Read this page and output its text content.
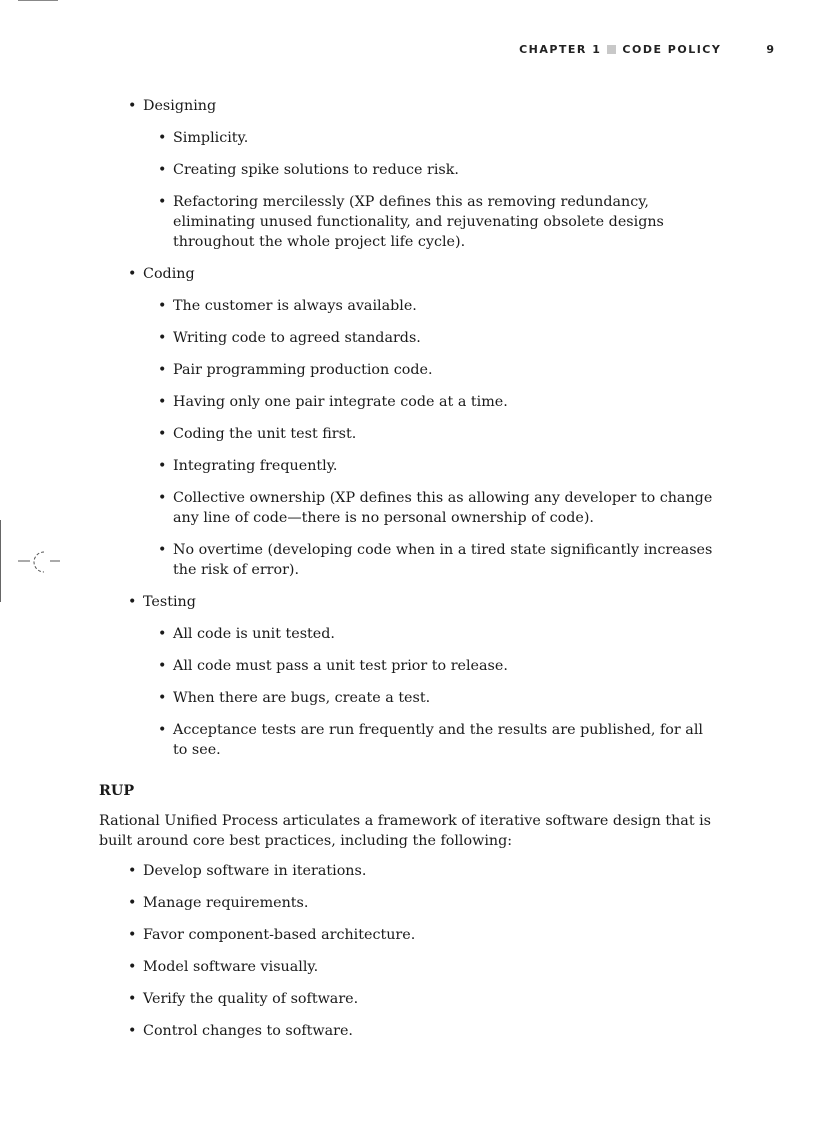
CHAPTER 1 CODE POLICY	9
• Designing
• Simplicity.
• Creating spike solutions to reduce risk.
• Refactoring mercilessly (XP defines this as removing redundancy, eliminating unused functionality, and rejuvenating obsolete designs throughout the whole project life cycle).
• Coding
• The customer is always available.
• Writing code to agreed standards.
• Pair programming production code.
• Having only one pair integrate code at a time.
• Coding the unit test first.
• Integrating frequently.
• Collective ownership (XP defines this as allowing any developer to change any line of code—there is no personal ownership of code).
• No overtime (developing code when in a tired state significantly increases the risk of error).
• Testing
• All code is unit tested.
• All code must pass a unit test prior to release.
• When there are bugs, create a test.
• Acceptance tests are run frequently and the results are published, for all to see.
RUP
Rational Unified Process articulates a framework of iterative software design that is built around core best practices, including the following:
• Develop software in iterations.
• Manage requirements.
• Favor component-based architecture.
• Model software visually.
• Verify the quality of software.
• Control changes to software.
